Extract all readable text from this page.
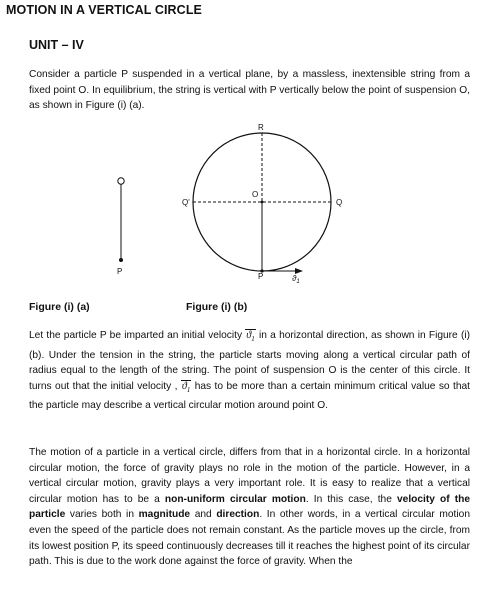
MOTION IN A VERTICAL CIRCLE
UNIT – IV

Consider a particle P suspended in a vertical plane, by a massless, inextensible string from a fixed point O. In equilibrium, the string is vertical with P vertically below the point of suspension O, as shown in Figure (i) (a).

P
R
O
Q'	Q
P	$ϑ_1$
Figure (i) (a)	Figure (i) (b)

Let the particle P be imparted an initial velocity $ϑ_1$ in a horizontal direction, as shown in Figure (i) (b). Under the tension in the string, the particle starts moving along a vertical circular path of radius equal to the length of the string. The point of suspension O is the center of this circle. It turns out that the initial velocity , $ϑ_1$ has to be more than a certain minimum critical value so that the particle may describe a vertical circular motion around point O.

The motion of a particle in a vertical circle, differs from that in a horizontal circle. In a horizontal circular motion, the force of gravity plays no role in the motion of the particle. However, in a vertical circular motion, gravity plays a very important role. It is easy to realize that a vertical circular motion has to be a non-uniform circular motion. In this case, the velocity of the particle varies both in magnitude and direction. In other words, in a vertical circular motion even the speed of the particle does not remain constant. As the particle moves up the circle, from its lowest position P, its speed continuously decreases till it reaches the highest point of its circular path. This is due to the work done against the force of gravity. When the
